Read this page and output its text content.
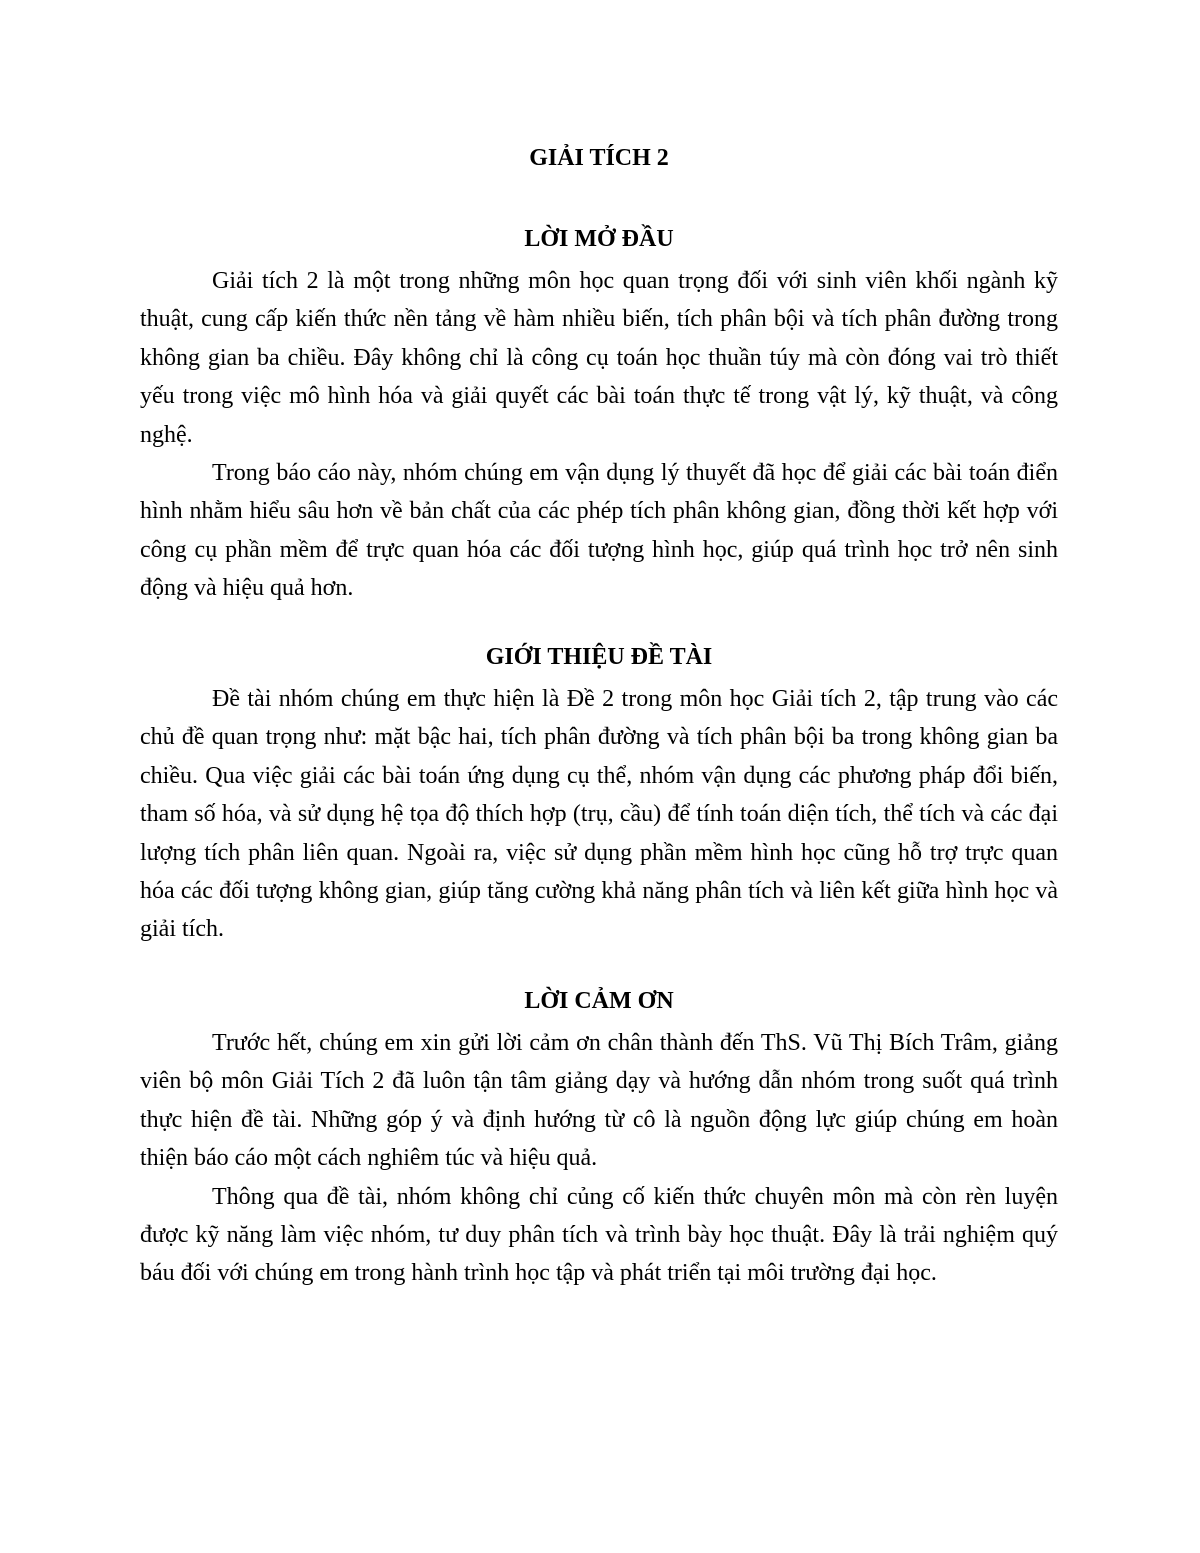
GIẢI TÍCH 2
LỜI MỞ ĐẦU

Giải tích 2 là một trong những môn học quan trọng đối với sinh viên khối ngành kỹ thuật, cung cấp kiến thức nền tảng về hàm nhiều biến, tích phân bội và tích phân đường trong không gian ba chiều. Đây không chỉ là công cụ toán học thuần túy mà còn đóng vai trò thiết yếu trong việc mô hình hóa và giải quyết các bài toán thực tế trong vật lý, kỹ thuật, và công nghệ.

Trong báo cáo này, nhóm chúng em vận dụng lý thuyết đã học để giải các bài toán điển hình nhằm hiểu sâu hơn về bản chất của các phép tích phân không gian, đồng thời kết hợp với công cụ phần mềm để trực quan hóa các đối tượng hình học, giúp quá trình học trở nên sinh động và hiệu quả hơn.

GIỚI THIỆU ĐỀ TÀI

Đề tài nhóm chúng em thực hiện là Đề 2 trong môn học Giải tích 2, tập trung vào các chủ đề quan trọng như: mặt bậc hai, tích phân đường và tích phân bội ba trong không gian ba chiều. Qua việc giải các bài toán ứng dụng cụ thể, nhóm vận dụng các phương pháp đổi biến, tham số hóa, và sử dụng hệ tọa độ thích hợp (trụ, cầu) để tính toán diện tích, thể tích và các đại lượng tích phân liên quan. Ngoài ra, việc sử dụng phần mềm hình học cũng hỗ trợ trực quan hóa các đối tượng không gian, giúp tăng cường khả năng phân tích và liên kết giữa hình học và giải tích.

LỜI CẢM ƠN

Trước hết, chúng em xin gửi lời cảm ơn chân thành đến ThS. Vũ Thị Bích Trâm, giảng viên bộ môn Giải Tích 2 đã luôn tận tâm giảng dạy và hướng dẫn nhóm trong suốt quá trình thực hiện đề tài. Những góp ý và định hướng từ cô là nguồn động lực giúp chúng em hoàn thiện báo cáo một cách nghiêm túc và hiệu quả.

Thông qua đề tài, nhóm không chỉ củng cố kiến thức chuyên môn mà còn rèn luyện được kỹ năng làm việc nhóm, tư duy phân tích và trình bày học thuật. Đây là trải nghiệm quý báu đối với chúng em trong hành trình học tập và phát triển tại môi trường đại học.
